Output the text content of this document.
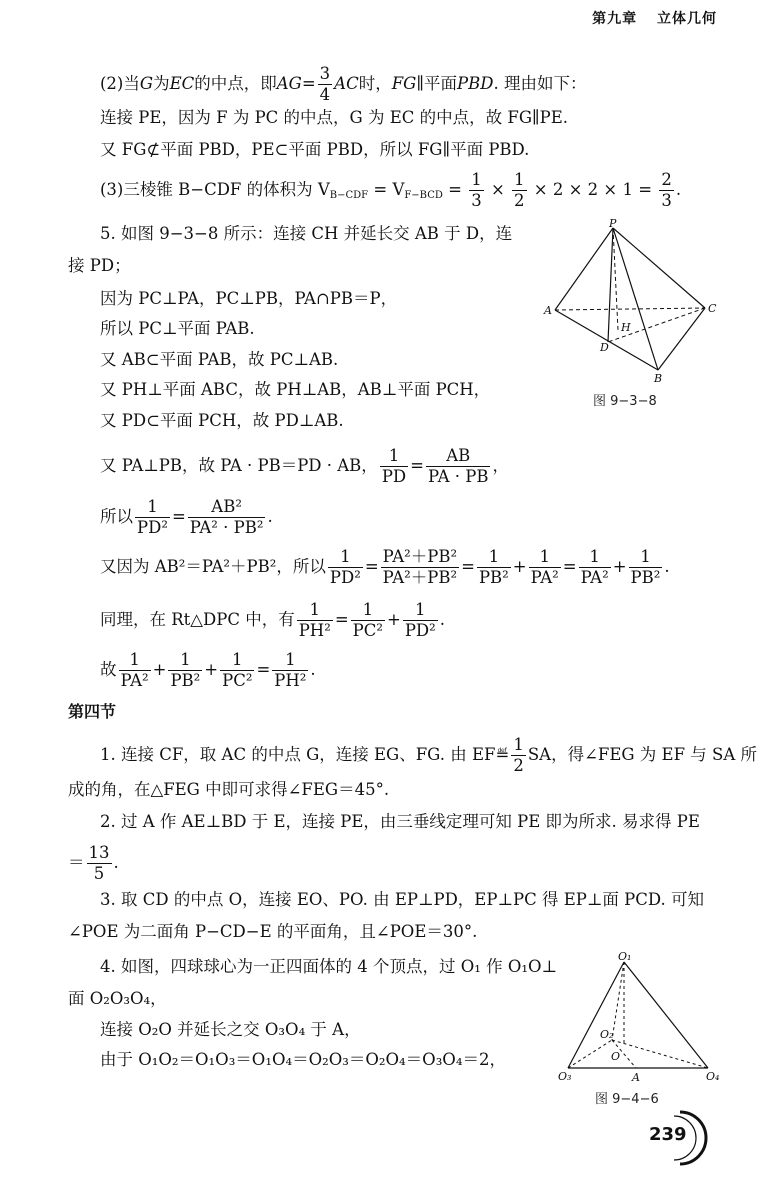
第九章 立体几何
(2)当G为EC的中点，即$AG= \frac{3}{4}$ AC时，FG∥平面PBD. 理由如下：
连接 PE，因为 F 为 PC 的中点，G 为 EC 的中点，故 FG∥PE.
又 FG⊄平面 PBD，PE⊂平面 PBD，所以 FG∥平面 PBD.
(3)三棱锥 B−CDF 的体积为 $V_{B-CDF} = V_{F-BCD} = \frac{1}{3} \times \frac{1}{2} \times 2 \times 2 \times 1 = \frac{2}{3}$ .
5. 如图 9−3−8 所示：连接 CH 并延长交 AB 于 D，连
接 PD；
因为 PC⊥PA，PC⊥PB，PA∩PB＝P，
所以 PC⊥平面 PAB.
又 AB⊂平面 PAB，故 PC⊥AB.
又 PH⊥平面 ABC，故 PH⊥AB，AB⊥平面 PCH，
又 PD⊂平面 PCH，故 PD⊥AB.
又 PA⊥PB，故 PA · PB＝PD · AB， $\frac{1}{PD} = \frac{AB}{PA \cdot PB}$ ，
所以 $\frac{1}{\text{PD²}} = \frac{\text{AB²}}{\text{PA² · PB²}}$ .
又因为 AB²＝PA²＋PB²，所以 $\frac{1}{\text{PD²}} = \frac{\text{PA²＋PB²}}{\text{PA²＋PB²}} = \frac{1}{\text{PB²}} + \frac{1}{\text{PA²}} = \frac{1}{\text{PA²}} + \frac{1}{\text{PB²}}$ .
同理，在 Rt△DPC 中，有 $\frac{1}{\text{PH²}} = \frac{1}{\text{PC²}} + \frac{1}{\text{PD²}}$ .
故 $\frac{1}{\text{PA²}} + \frac{1}{\text{PB²}} + \frac{1}{\text{PC²}} = \frac{1}{\text{PH²}}$ .
第四节
1. 连接 CF，取 AC 的中点 G，连接 EG、FG. 由 EF≝ $\frac{1}{2}$ SA，得∠FEG 为 EF 与 SA 所
成的角，在△FEG 中即可求得∠FEG＝45°.
2. 过 A 作 AE⊥BD 于 E，连接 PE，由三垂线定理可知 PE 即为所求. 易求得 PE
＝ $\frac{13}{5}$ .
3. 取 CD 的中点 O，连接 EO、PO. 由 EP⊥PD，EP⊥PC 得 EP⊥面 PCD. 可知
∠POE 为二面角 P−CD−E 的平面角，且∠POE＝30°.
4. 如图，四球球心为一正四面体的 4 个顶点，过 O₁ 作 O₁O⊥
面 O₂O₃O₄，
连接 O₂O 并延长之交 O₃O₄ 于 A，
由于 O₁O₂＝O₁O₃＝O₁O₄＝O₂O₃＝O₂O₄＝O₃O₄＝2，
P
A	C
H
D
B
图 9−3−8
O₁
O₂
O
O₃	A	O₄
图 9−4−6
239
